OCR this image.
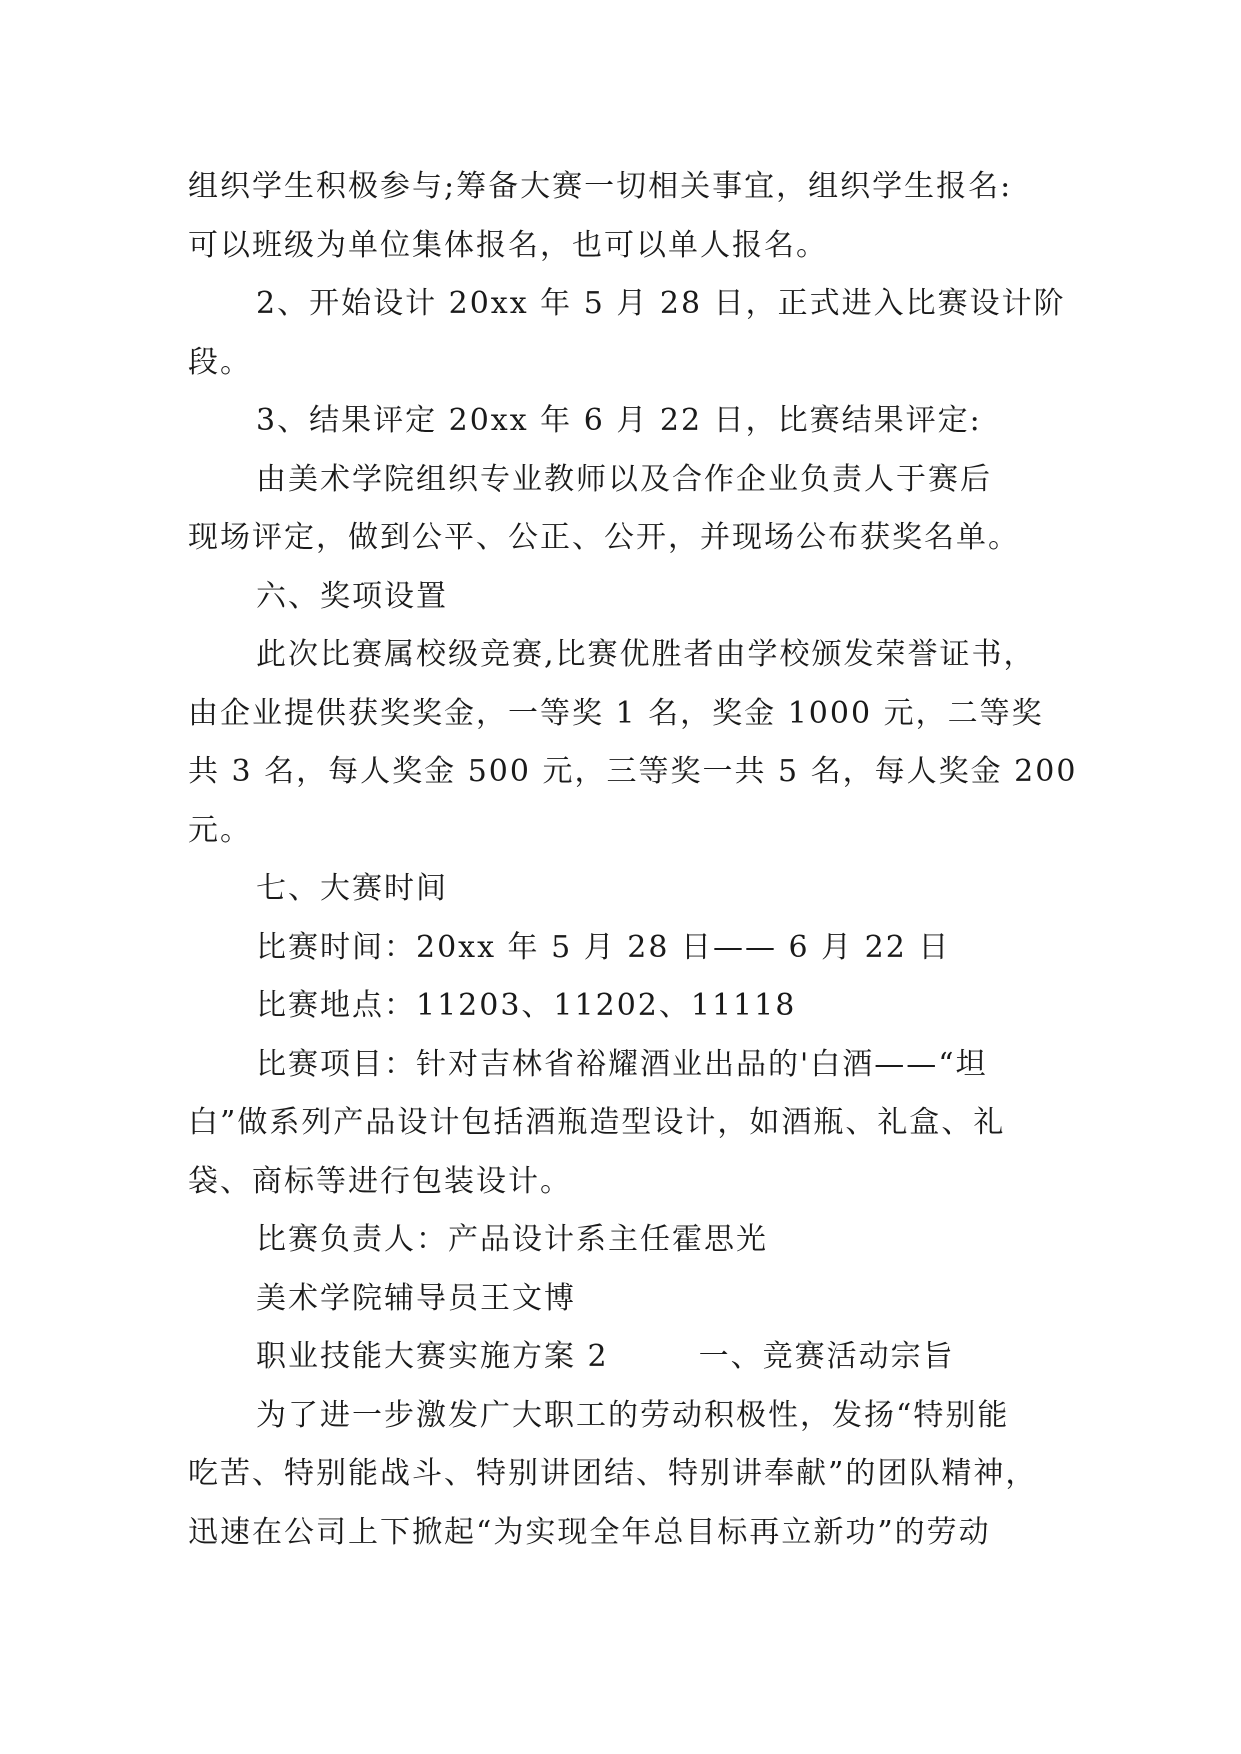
组织学生积极参与;筹备大赛一切相关事宜，组织学生报名:
可以班级为单位集体报名，也可以单人报名。
2、开始设计 20xx 年 5 月 28 日，正式进入比赛设计阶
段。
3、结果评定 20xx 年 6 月 22 日，比赛结果评定:
由美术学院组织专业教师以及合作企业负责人于赛后
现场评定，做到公平、公正、公开，并现场公布获奖名单。
六、奖项设置
此次比赛属校级竞赛,比赛优胜者由学校颁发荣誉证书，
由企业提供获奖奖金，一等奖 1 名，奖金 1000 元，二等奖
共 3 名，每人奖金 500 元，三等奖一共 5 名，每人奖金 200
元。
七、大赛时间
比赛时间：20xx 年 5 月 28 日—— 6 月 22 日
比赛地点：11203、11202、11118
比赛项目：针对吉林省裕耀酒业出品的'白酒——“坦
白”做系列产品设计包括酒瓶造型设计，如酒瓶、礼盒、礼
袋、商标等进行包装设计。
比赛负责人：产品设计系主任霍思光
美术学院辅导员王文博
职业技能大赛实施方案 2	一、竞赛活动宗旨
为了进一步激发广大职工的劳动积极性，发扬“特别能
吃苦、特别能战斗、特别讲团结、特别讲奉献”的团队精神，
迅速在公司上下掀起“为实现全年总目标再立新功”的劳动
